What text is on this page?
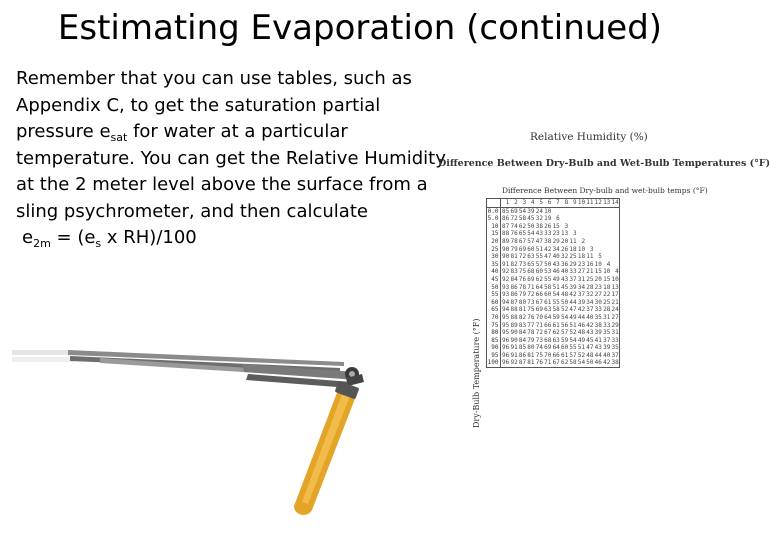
Estimating Evaporation (continued)
Remember that you can use tables, such as Appendix C, to get the saturation partial pressure $e_{sat}$ for water at a particular temperature. You can get the Relative Humidity at the 2 meter level above the surface from a sling psychrometer, and then calculate
$e_{2m} = (e_s$ x RH)/100
Relative Humidity (%)
Difference Between Dry-Bulb and Wet-Bulb Temperatures (°F)
Difference Between Dry-bulb and wet-bulb temps (°F)
Dry-Bulb Temperature (°F)
	1	2	3	4	5	6	7	8	9	10	11	12	13	14
0.0	85	69	54	39	24	10								
5.0	86	72	58	45	32	19	6							
10	87	74	62	50	38	26	15	3						
15	88	76	65	54	43	33	23	13	3					
20	89	78	67	57	47	38	29	20	11	2				
25	90	79	69	60	51	42	34	26	18	10	3			
30	90	81	72	63	55	47	40	32	25	18	11	5		
35	91	82	73	65	57	50	43	36	29	23	16	10	4	
40	92	83	75	68	60	53	46	40	33	27	21	15	10	4
45	92	84	76	69	62	55	49	43	37	31	25	20	15	10
50	93	86	78	71	64	58	51	45	39	34	28	23	18	13
55	93	86	79	72	66	60	54	48	42	37	32	27	22	17
60	94	87	80	73	67	61	55	50	44	39	34	30	25	21
65	94	88	81	75	69	63	58	52	47	42	37	33	28	24
70	95	88	82	76	70	64	59	54	49	44	40	35	31	27
75	95	89	83	77	71	66	61	56	51	46	42	38	33	29
80	95	90	84	78	72	67	62	57	52	48	43	39	35	31
85	96	90	84	79	73	68	63	59	54	49	45	41	37	33
90	96	91	85	80	74	69	64	60	55	51	47	43	39	35
95	96	91	86	81	75	70	66	61	57	52	48	44	40	37
100	96	92	87	81	76	71	67	62	58	54	50	46	42	38
